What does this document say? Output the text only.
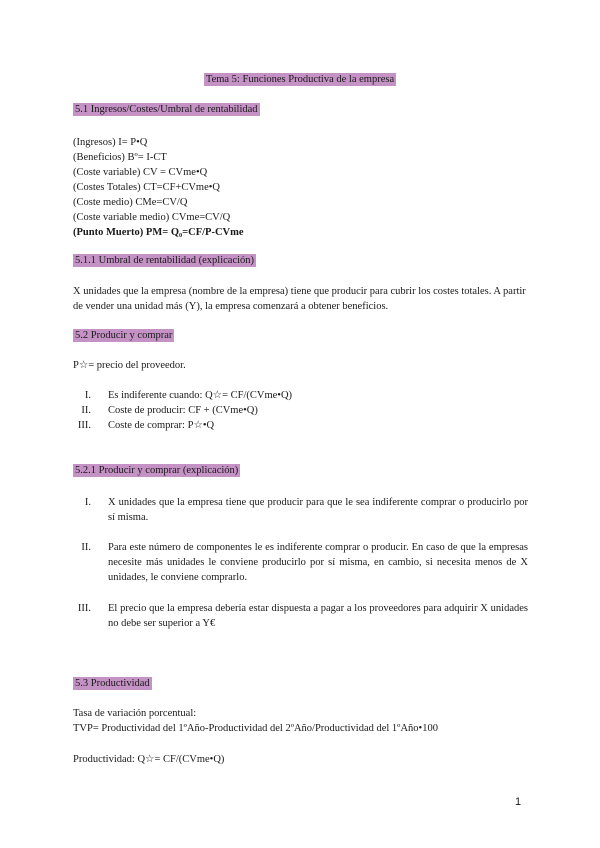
Tema 5: Funciones Productiva de la empresa
5.1 Ingresos/Costes/Umbral de rentabilidad
(Ingresos) I= P•Q
(Beneficios) Bº= I-CT
(Coste variable) CV = CVme•Q
(Costes Totales) CT=CF+CVme•Q
(Coste medio) CMe=CV/Q
(Coste variable medio) CVme=CV/Q
(Punto Muerto) PM= Q₀=CF/P-CVme
5.1.1 Umbral de rentabilidad (explicación)
X unidades que la empresa (nombre de la empresa) tiene que producir para cubrir los costes totales. A partir de vender una unidad más (Y), la empresa comenzará a obtener beneficios.
5.2 Producir y comprar
P☆= precio del proveedor.
I. Es indiferente cuando: Q☆= CF/(CVme•Q)
II. Coste de producir: CF + (CVme•Q)
III. Coste de comprar: P☆•Q
5.2.1 Producir y comprar (explicación)
I. X unidades que la empresa tiene que producir para que le sea indiferente comprar o producirlo por sí misma.
II. Para este número de componentes le es indiferente comprar o producir. En caso de que la empresas necesite más unidades le conviene producirlo por sí misma, en cambio, si necesita menos de X unidades, le conviene comprarlo.
III. El precio que la empresa debería estar dispuesta a pagar a los proveedores para adquirir X unidades no debe ser superior a Y€
5.3 Productividad
Tasa de variación porcentual:
TVP= Productividad del 1ºAño-Productividad del 2ºAño/Productividad del 1ºAño•100
Productividad: Q☆= CF/(CVme•Q)
1
